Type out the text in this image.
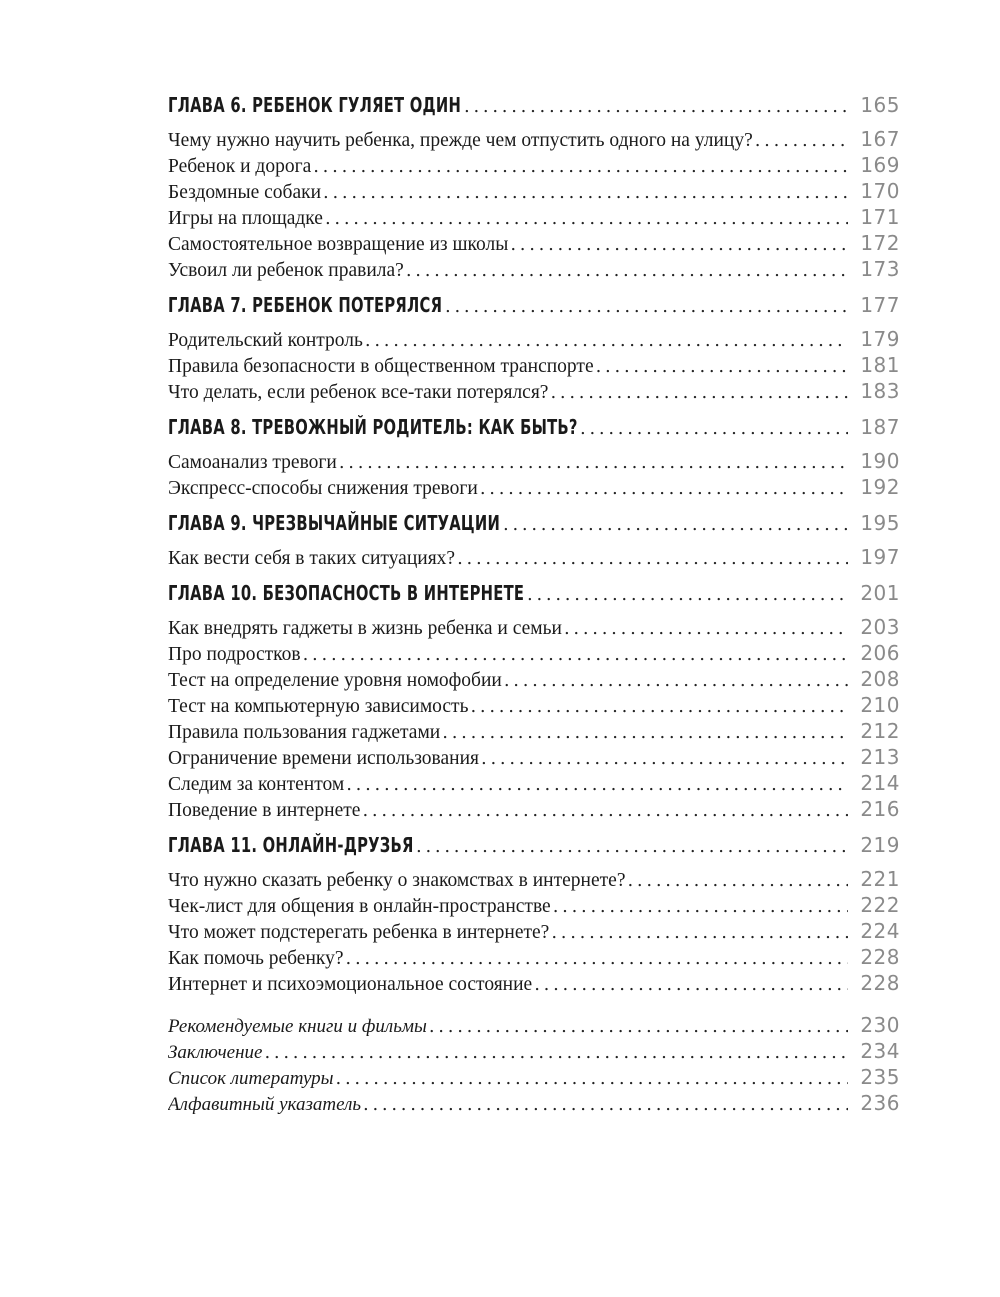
ГЛАВА 6. РЕБЕНОК ГУЛЯЕТ ОДИН . . .	165
Чему нужно научить ребенка, прежде чем отпустить одного на улицу? . . .	167
Ребенок и дорога . . .	169
Бездомные собаки . . .	170
Игры на площадке . . .	171
Самостоятельное возвращение из школы . . .	172
Усвоил ли ребенок правила? . . .	173
ГЛАВА 7. РЕБЕНОК ПОТЕРЯЛСЯ . . .	177
Родительский контроль . . .	179
Правила безопасности в общественном транспорте . . .	181
Что делать, если ребенок все-таки потерялся? . . .	183
ГЛАВА 8. ТРЕВОЖНЫЙ РОДИТЕЛЬ: КАК БЫТЬ? . . .	187
Самоанализ тревоги . . .	190
Экспресс-способы снижения тревоги . . .	192
ГЛАВА 9. ЧРЕЗВЫЧАЙНЫЕ СИТУАЦИИ . . .	195
Как вести себя в таких ситуациях? . . .	197
ГЛАВА 10. БЕЗОПАСНОСТЬ В ИНТЕРНЕТЕ . . .	201
Как внедрять гаджеты в жизнь ребенка и семьи . . .	203
Про подростков . . .	206
Тест на определение уровня номофобии . . .	208
Тест на компьютерную зависимость . . .	210
Правила пользования гаджетами . . .	212
Ограничение времени использования . . .	213
Следим за контентом . . .	214
Поведение в интернете . . .	216
ГЛАВА 11. ОНЛАЙН-ДРУЗЬЯ . . .	219
Что нужно сказать ребенку о знакомствах в интернете? . . .	221
Чек-лист для общения в онлайн-пространстве . . .	222
Что может подстерегать ребенка в интернете? . . .	224
Как помочь ребенку? . . .	228
Интернет и психоэмоциональное состояние . . .	228
Рекомендуемые книги и фильмы . . .	230
Заключение . . .	234
Список литературы . . .	235
Алфавитный указатель . . .	236
